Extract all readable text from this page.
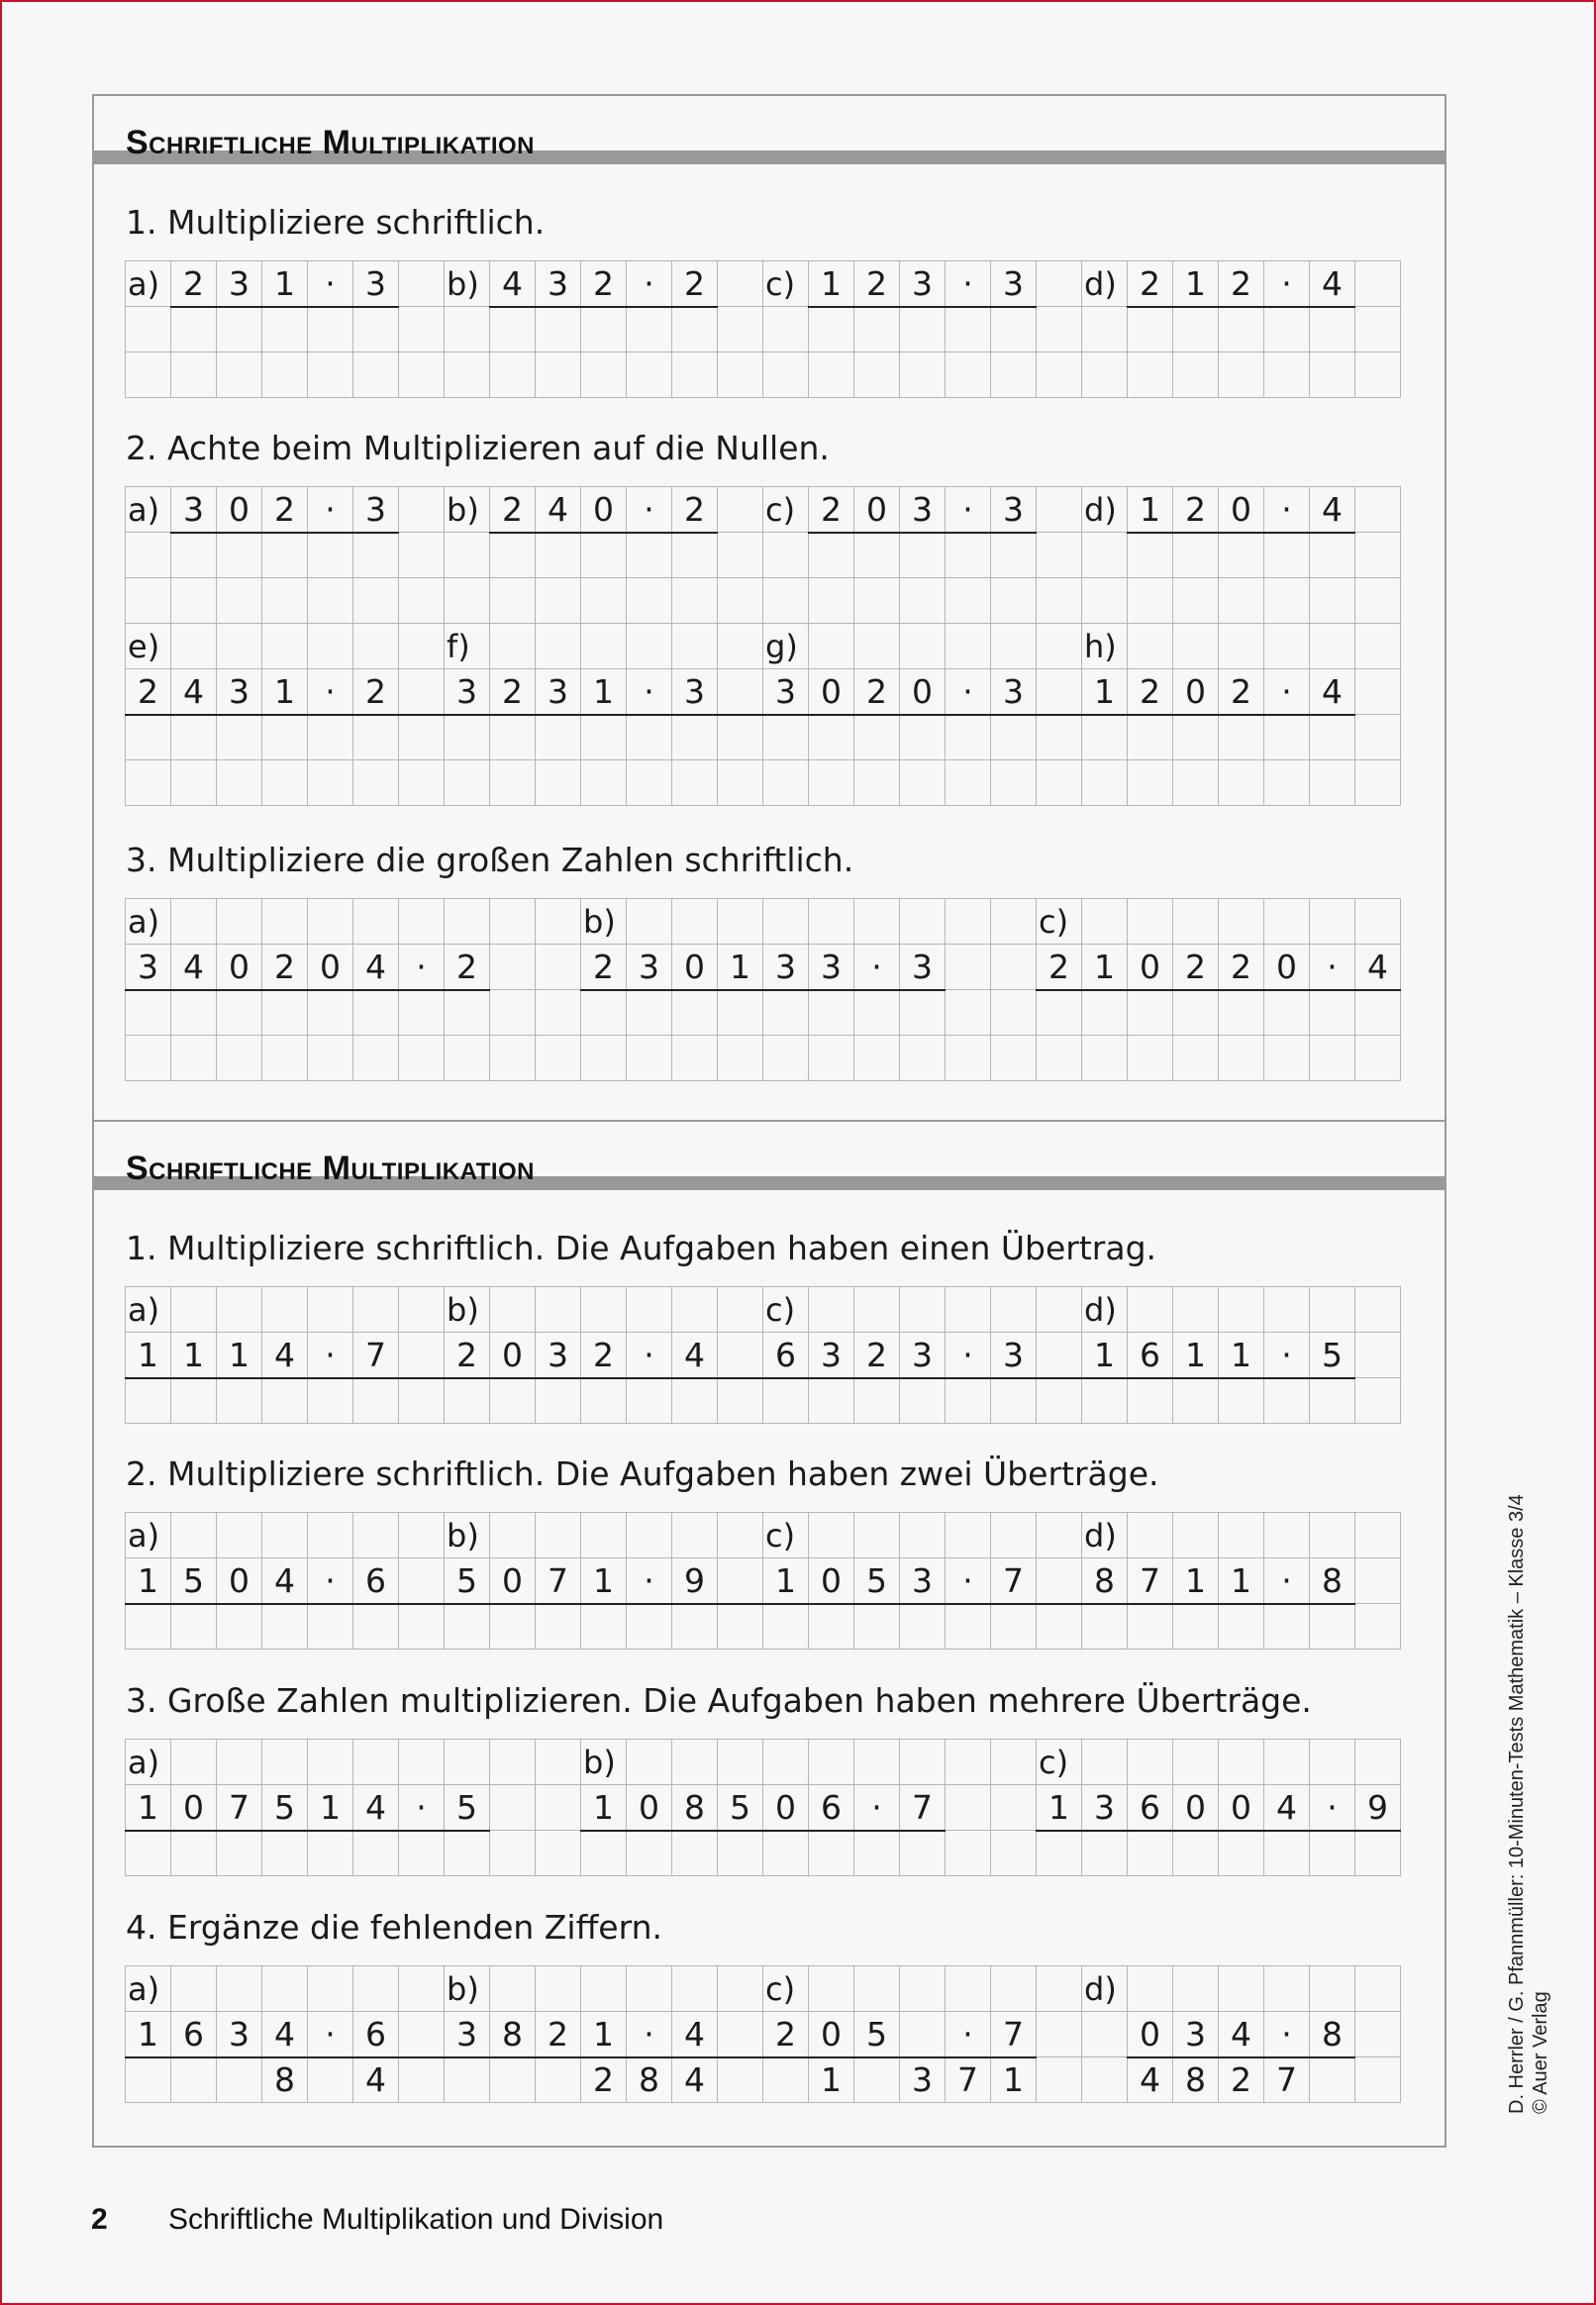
Schriftliche Multiplikation
1. Multipliziere schriftlich.
a)	2	3	1	·	3		b)	4	3	2	·	2		c)	1	2	3	·	3		d)	2	1	2	·	4	

2. Achte beim Multiplizieren auf die Nullen.
a)	3	0	2	·	3		b)	2	4	0	·	2		c)	2	0	3	·	3		d)	1	2	0	·	4	

e)							f)							g)							h)						
2	4	3	1	·	2		3	2	3	1	·	3		3	0	2	0	·	3		1	2	0	2	·	4	

3. Multipliziere die großen Zahlen schriftlich.
a)										b)										c)							
3	4	0	2	0	4	·	2			2	3	0	1	3	3	·	3			2	1	0	2	2	0	·	4

Schriftliche Multiplikation
1. Multipliziere schriftlich. Die Aufgaben haben einen Übertrag.
a)							b)							c)							d)						
1	1	1	4	·	7		2	0	3	2	·	4		6	3	2	3	·	3		1	6	1	1	·	5	

2. Multipliziere schriftlich. Die Aufgaben haben zwei Überträge.
a)							b)							c)							d)						
1	5	0	4	·	6		5	0	7	1	·	9		1	0	5	3	·	7		8	7	1	1	·	8	

3. Große Zahlen multiplizieren. Die Aufgaben haben mehrere Überträge.
a)										b)										c)							
1	0	7	5	1	4	·	5			1	0	8	5	0	6	·	7			1	3	6	0	0	4	·	9

4. Ergänze die fehlenden Ziffern.
a)							b)							c)							d)						
1	6	3	4	·	6		3	8	2	1	·	4		2	0	5		·	7			0	3	4	·	8	
			8		4					2	8	4			1		3	7	1			4	8	2	7			D. Herrler / G. Pfannmüller: 10-Minuten-Tests Mathematik – Klasse 3/4 © Auer Verlag
2 Schriftliche Multiplikation und Division
